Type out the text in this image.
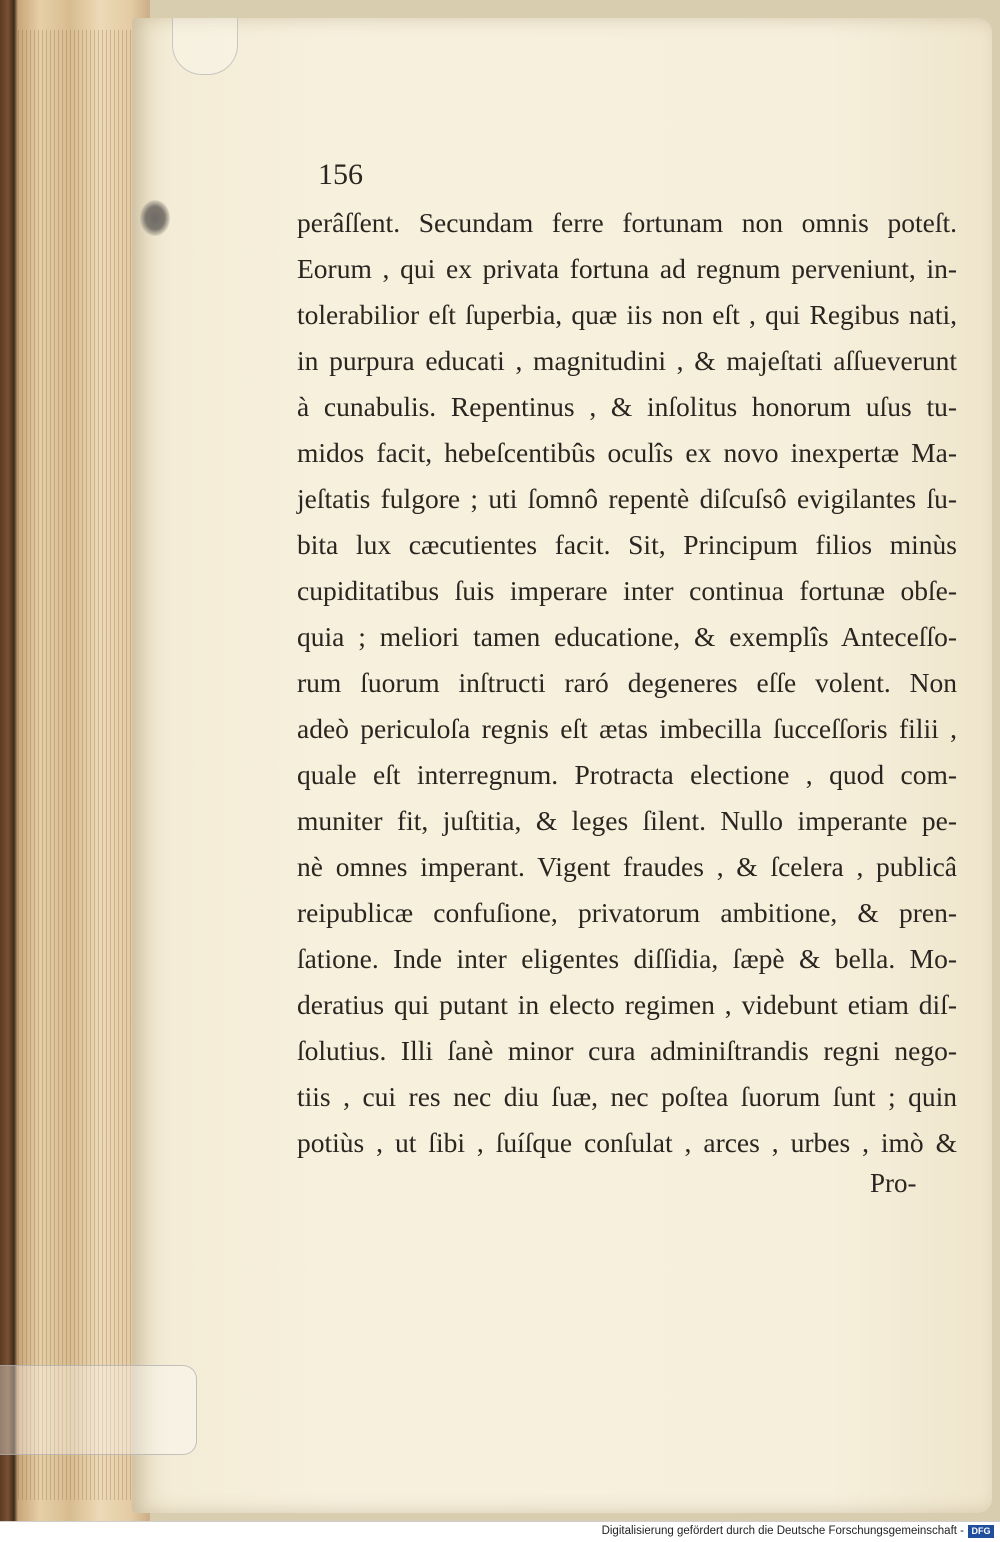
156
perâſſent. Secundam ferre fortunam non omnis poteſt.
Eorum , qui ex privata fortuna ad regnum perveniunt, in-
tolerabilior eſt ſuperbia, quæ iis non eſt , qui Regibus nati,
in purpura educati , magnitudini , & majeſtati aſſueverunt
à cunabulis. Repentinus , & inſolitus honorum uſus tu-
midos facit, hebeſcentibûs oculîs ex novo inexpertæ Ma-
jeſtatis fulgore ; uti ſomnô repentè diſcuſsô evigilantes ſu-
bita lux cæcutientes facit. Sit, Principum filios minùs
cupiditatibus ſuis imperare inter continua fortunæ obſe-
quia ; meliori tamen educatione, & exemplîs Anteceſſo-
rum ſuorum inſtructi raró degeneres eſſe volent. Non
adeò periculoſa regnis eſt ætas imbecilla ſucceſſoris filii ,
quale eſt interregnum. Protracta electione , quod com-
muniter fit, juſtitia, & leges ſilent. Nullo imperante pe-
nè omnes imperant. Vigent fraudes , & ſcelera , publicâ
reipublicæ confuſione, privatorum ambitione, & pren-
ſatione. Inde inter eligentes diſſidia, ſæpè & bella. Mo-
deratius qui putant in electo regimen , videbunt etiam diſ-
ſolutius. Illi ſanè minor cura adminiſtrandis regni nego-
tiis , cui res nec diu ſuæ, nec poſtea ſuorum ſunt ; quin
potiùs , ut ſibi , ſuíſque conſulat , arces , urbes , imò &
Pro-
Digitalisierung gefördert durch die Deutsche Forschungsgemeinschaft - DFG
